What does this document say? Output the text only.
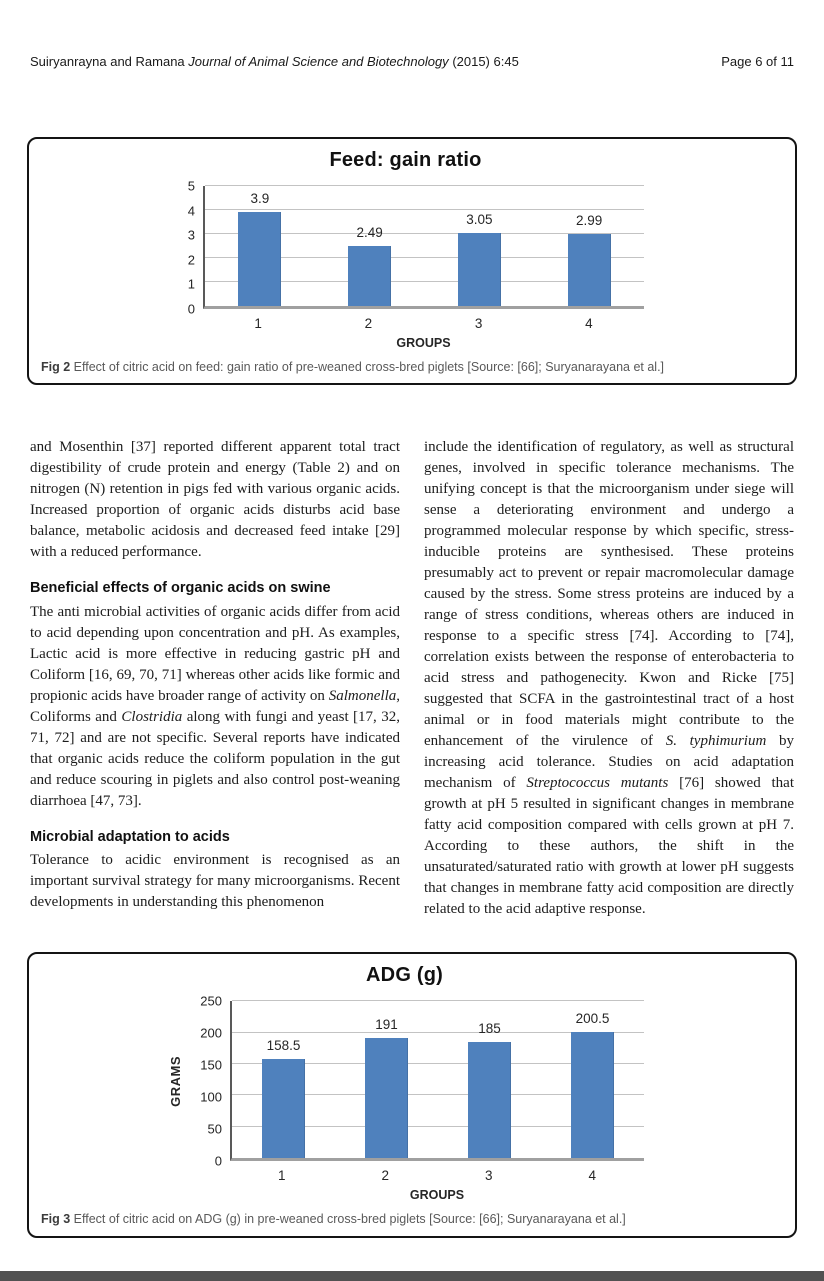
Suiryanrayna and Ramana Journal of Animal Science and Biotechnology (2015) 6:45	Page 6 of 11
Feed: gain ratio
0
1
2
3
4
5
3.9
2.49
3.05	2.99
1	2	3	4
GROUPS
Fig 2 Effect of citric acid on feed: gain ratio of pre-weaned cross-bred piglets [Source: [66]; Suryanarayana et al.]

and Mosenthin [37] reported different apparent total tract digestibility of crude protein and energy (Table 2) and on nitrogen (N) retention in pigs fed with various organic acids. Increased proportion of organic acids disturbs acid base balance, metabolic acidosis and decreased feed intake [29] with a reduced performance.

Beneficial effects of organic acids on swine

The anti microbial activities of organic acids differ from acid to acid depending upon concentration and pH. As examples, Lactic acid is more effective in reducing gastric pH and Coliform [16, 69, 70, 71] whereas other acids like formic and propionic acids have broader range of activity on Salmonella, Coliforms and Clostridia along with fungi and yeast [17, 32, 71, 72] and are not specific. Several reports have indicated that organic acids reduce the coliform population in the gut and reduce scouring in piglets and also control post-weaning diarrhoea [47, 73].

Microbial adaptation to acids

Tolerance to acidic environment is recognised as an important survival strategy for many microorganisms. Recent developments in understanding this phenomenon

include the identification of regulatory, as well as structural genes, involved in specific tolerance mechanisms. The unifying concept is that the microorganism under siege will sense a deteriorating environment and undergo a programmed molecular response by which specific, stress-inducible proteins are synthesised. These proteins presumably act to prevent or repair macromolecular damage caused by the stress. Some stress proteins are induced by a range of stress conditions, whereas others are induced in response to a specific stress [74]. According to [74], correlation exists between the response of enterobacteria to acid stress and pathogenecity. Kwon and Ricke [75] suggested that SCFA in the gastrointestinal tract of a host animal or in food materials might contribute to the enhancement of the virulence of S. typhimurium by increasing acid tolerance. Studies on acid adaptation mechanism of Streptococcus mutants [76] showed that growth at pH 5 resulted in significant changes in membrane fatty acid composition compared with cells grown at pH 7. According to these authors, the shift in the unsaturated/saturated ratio with growth at lower pH suggests that changes in membrane fatty acid composition are directly related to the acid adaptive response.

ADG (g)
GRAMS
0
50
100
150
200
250
158.5
191	185
200.5
1	2	3	4
GROUPS
Fig 3 Effect of citric acid on ADG (g) in pre-weaned cross-bred piglets [Source: [66]; Suryanarayana et al.]
